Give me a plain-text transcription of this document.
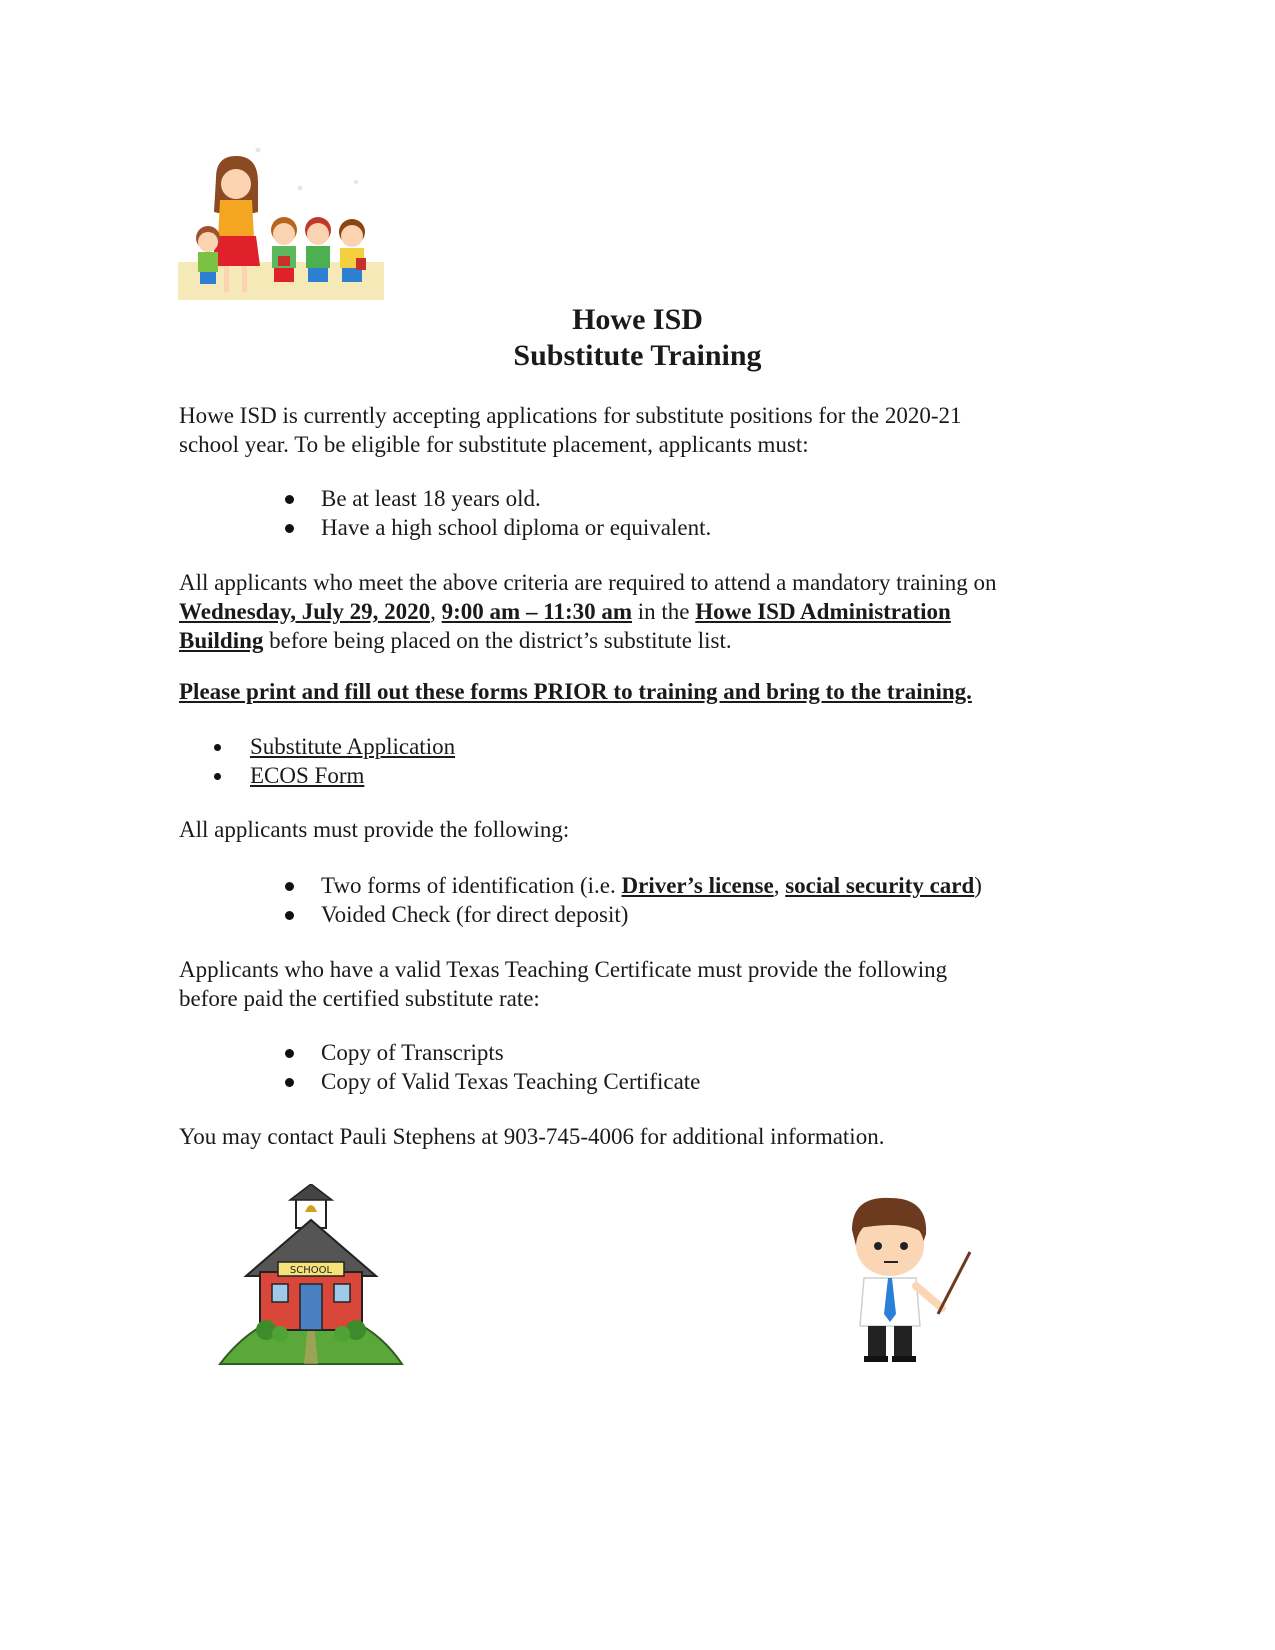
Howe ISD
Substitute Training
Howe ISD is currently accepting applications for substitute positions for the 2020-21 school year. To be eligible for substitute placement, applicants must:
Be at least 18 years old.
Have a high school diploma or equivalent.
All applicants who meet the above criteria are required to attend a mandatory training on
Wednesday, July 29, 2020, 9:00 am – 11:30 am in the Howe ISD Administration
Building before being placed on the district’s substitute list.
Please print and fill out these forms PRIOR to training and bring to the training.
Substitute Application
ECOS Form
All applicants must provide the following:
Two forms of identification (i.e. Driver’s license, social security card)
Voided Check (for direct deposit)
Applicants who have a valid Texas Teaching Certificate must provide the following before paid the certified substitute rate:
Copy of Transcripts
Copy of Valid Texas Teaching Certificate
You may contact Pauli Stephens at 903-745-4006 for additional information.
SCHOOL
